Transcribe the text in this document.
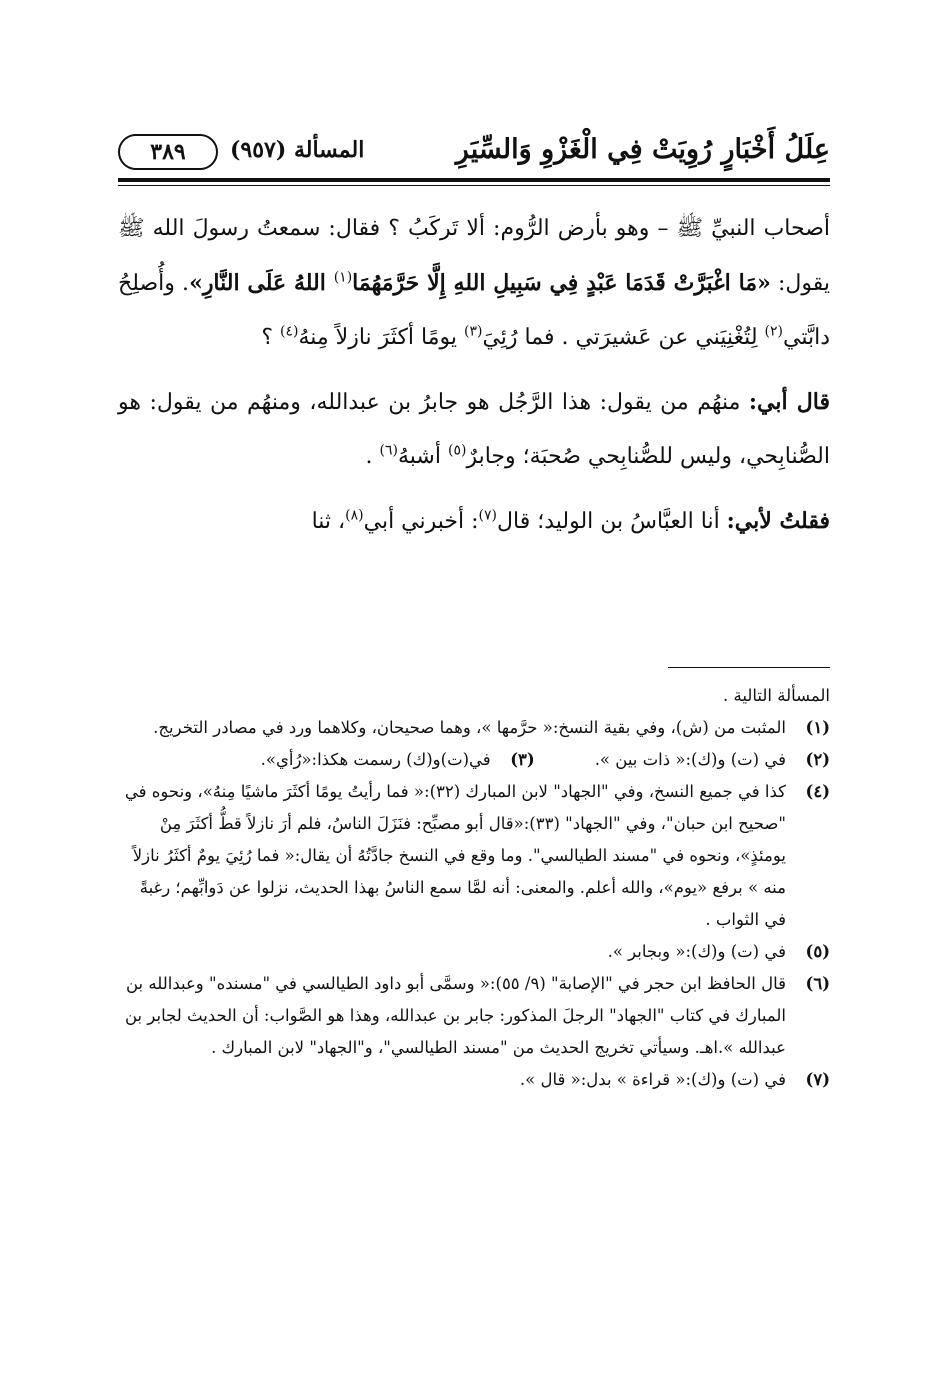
عِلَلُ أَخْبَارٍ رُوِيَتْ فِي الْغَزْوِ وَالسِّيَرِ
المسألة (٩٥٧)
٣٨٩

أصحاب النبيِّ ﷺ – وهو بأرض الرُّوم: ألا تَركَبُ ؟ فقال: سمعتُ رسولَ الله ﷺ يقول: «مَا اغْبَرَّتْ قَدَمَا عَبْدٍ فِي سَبِيلِ اللهِ إِلَّا حَرَّمَهُمَا$^{(١)}$ اللهُ عَلَى النَّارِ». وأُصلِحُ دابَّتي$^{(٢)}$ لِتُغْنِيَني عن عَشيرَتي . فما رُئِيَ$^{(٣)}$ يومًا أكثَرَ نازلاً مِنهُ$^{(٤)}$ ؟

قال أبي: منهُم من يقول: هذا الرَّجُل هو جابرُ بن عبدالله، ومنهُم من يقول: هو الصُّنابِحي، وليس للصُّنابِحي صُحبَة؛ وجابرٌ$^{(٥)}$ أشبهُ$^{(٦)}$ .

فقلتُ لأبي: أنا العبَّاسُ بن الوليد؛ قال$^{(٧)}$: أخبرني أبي$^{(٨)}$، ثنا

المسألة التالية .

(١)
المثبت من (ش)، وفي بقية النسخ:« حرَّمها »، وهما صحيحان، وكلاهما ورد في مصادر التخريج.

(٢)
في (ت) و(ك):« ذات بين ».

(٣)
في(ت)و(ك) رسمت هكذا:«رُأي».

(٤)
كذا في جميع النسخ، وفي "الجهاد" لابن المبارك (٣٢):« فما رأيتُ يومًا أكثَرَ ماشيًا مِنهُ»، ونحوه في "صحيح ابن حبان"، وفي "الجهاد" (٣٣):«قال أبو مصبِّح: فنَزَلَ الناسُ، فلم أرَ نازلاً قطُّ أكثَرَ مِنْ يومئذٍ»، ونحوه في "مسند الطيالسي". وما وقع في النسخ جادَّتُهُ أن يقال:« فما رُئِيَ يومٌ أكثَرُ نازلاً منه » برفع «يوم»، والله أعلم. والمعنى: أنه لمَّا سمع الناسُ بهذا الحديث، نزلوا عن دَوابِّهم؛ رغبةً في الثواب .

(٥)
في (ت) و(ك):« وبجابر ».

(٦)
قال الحافظ ابن حجر في "الإصابة" (٩/ ٥٥):« وسمَّى أبو داود الطيالسي في "مسنده" وعبدالله بن المبارك في كتاب "الجهاد" الرجلَ المذكور: جابر بن عبدالله، وهذا هو الصَّواب: أن الحديث لجابر بن عبدالله ».اهـ. وسيأتي تخريج الحديث من "مسند الطيالسي"، و"الجهاد" لابن المبارك .

(٧)
في (ت) و(ك):« قراءة » بدل:« قال ».
